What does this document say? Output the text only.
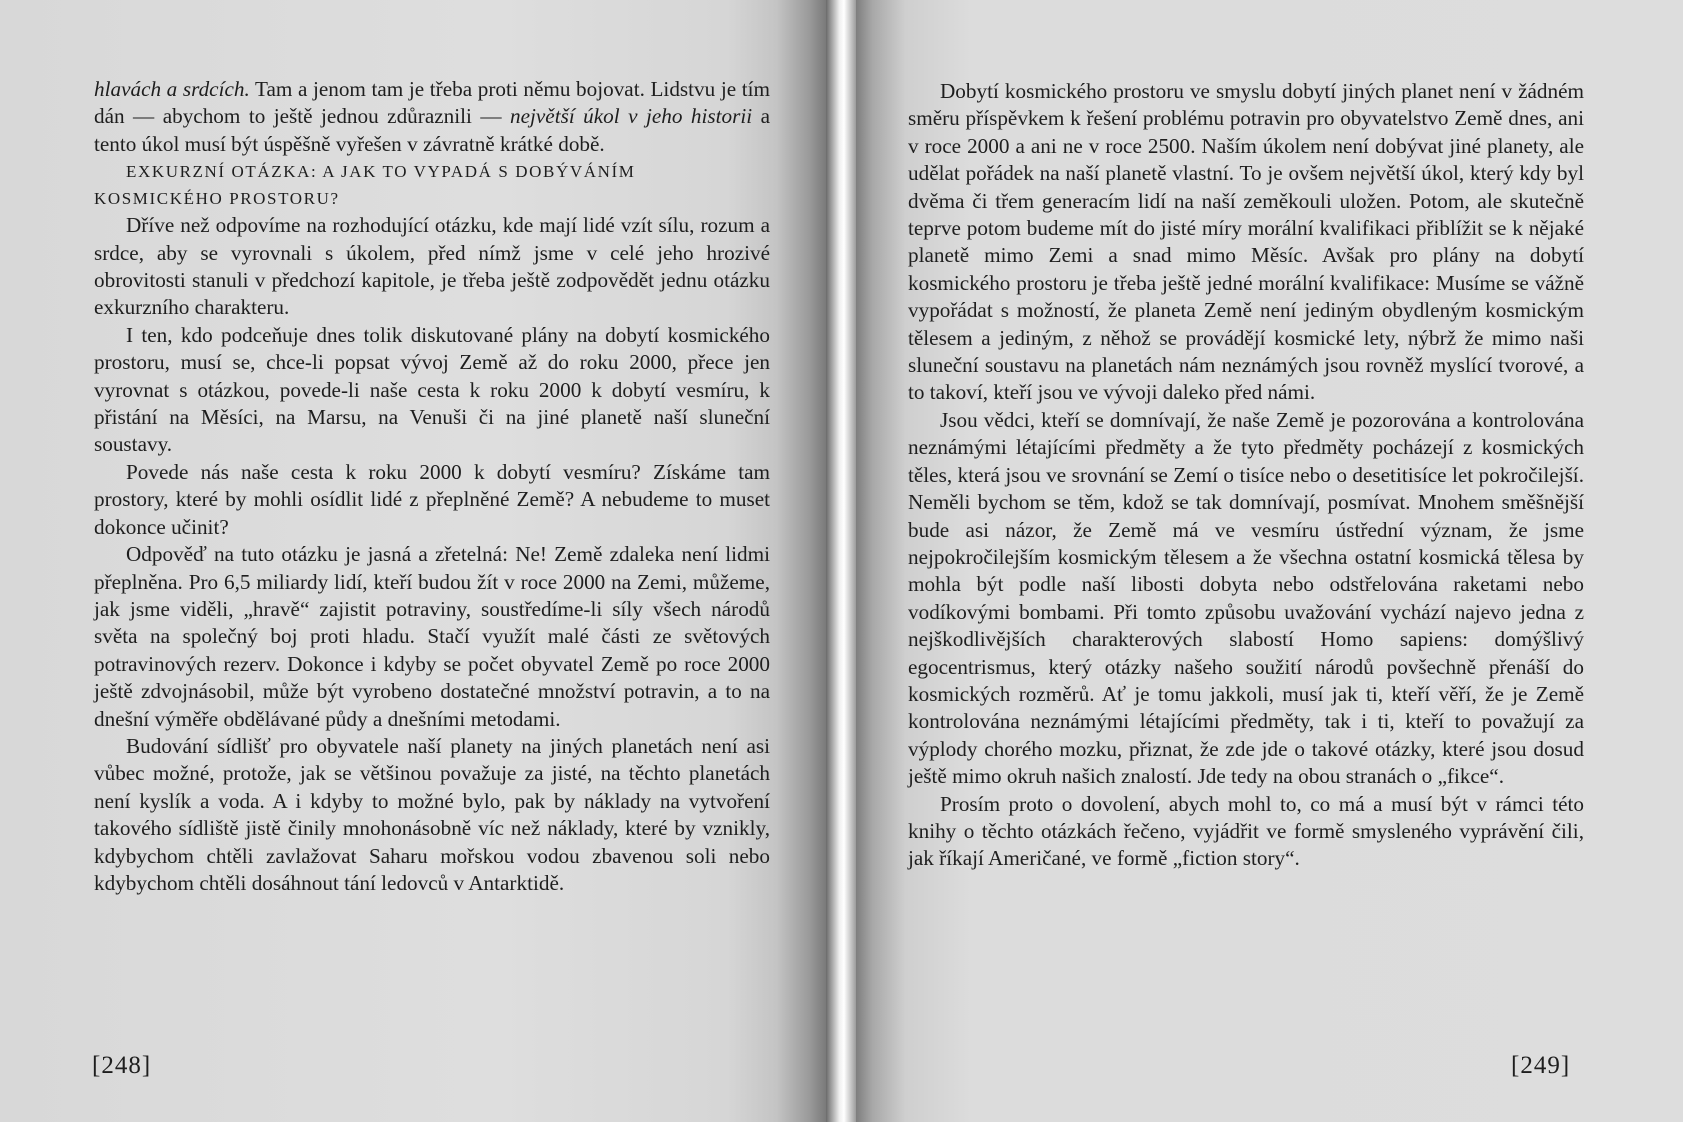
hlavách a srdcích. Tam a jenom tam je třeba proti němu bojovat. Lidstvu je tím dán — abychom to ještě jednou zdůraznili — největší úkol v jeho historii a tento úkol musí být úspěšně vyřešen v závratně krátké době.

EXKURZNÍ OTÁZKA: A JAK TO VYPADÁ S DOBÝVÁNÍM KOSMICKÉHO PROSTORU?

Dříve než odpovíme na rozhodující otázku, kde mají lidé vzít sílu, rozum a srdce, aby se vyrovnali s úkolem, před nímž jsme v celé jeho hrozivé obrovitosti stanuli v předchozí kapitole, je třeba ještě zodpovědět jednu otázku exkurzního charakteru.

I ten, kdo podceňuje dnes tolik diskutované plány na dobytí kosmického prostoru, musí se, chce-li popsat vývoj Země až do roku 2000, přece jen vyrovnat s otázkou, povede-li naše cesta k roku 2000 k dobytí vesmíru, k přistání na Měsíci, na Marsu, na Venuši či na jiné planetě naší sluneční soustavy.

Povede nás naše cesta k roku 2000 k dobytí vesmíru? Získáme tam prostory, které by mohli osídlit lidé z přeplněné Země? A nebudeme to muset dokonce učinit?

Odpověď na tuto otázku je jasná a zřetelná: Ne! Země zdaleka není lidmi přeplněna. Pro 6,5 miliardy lidí, kteří budou žít v roce 2000 na Zemi, můžeme, jak jsme viděli, „hravě“ zajistit potraviny, soustředíme-li síly všech národů světa na společný boj proti hladu. Stačí využít malé části ze světových potravinových rezerv. Dokonce i kdyby se počet obyvatel Země po roce 2000 ještě zdvojnásobil, může být vyrobeno dostatečné množství potravin, a to na dnešní výměře obdělávané půdy a dnešními metodami.

Budování sídlišť pro obyvatele naší planety na jiných planetách není asi vůbec možné, protože, jak se většinou považuje za jisté, na těchto planetách není kyslík a voda. A i kdyby to možné bylo, pak by náklady na vytvoření takového sídliště jistě činily mnohonásobně víc než náklady, které by vznikly, kdybychom chtěli zavlažovat Saharu mořskou vodou zbavenou soli nebo kdybychom chtěli dosáhnout tání ledovců v Antarktidě.

[248]

Dobytí kosmického prostoru ve smyslu dobytí jiných planet není v žádném směru příspěvkem k řešení problému potravin pro obyvatelstvo Země dnes, ani v roce 2000 a ani ne v roce 2500. Naším úkolem není dobývat jiné planety, ale udělat pořádek na naší planetě vlastní. To je ovšem největší úkol, který kdy byl dvěma či třem generacím lidí na naší zeměkouli uložen. Potom, ale skutečně teprve potom budeme mít do jisté míry morální kvalifikaci přiblížit se k nějaké planetě mimo Zemi a snad mimo Měsíc. Avšak pro plány na dobytí kosmického prostoru je třeba ještě jedné morální kvalifikace: Musíme se vážně vypořádat s možností, že planeta Země není jediným obydleným kosmickým tělesem a jediným, z něhož se provádějí kosmické lety, nýbrž že mimo naši sluneční soustavu na planetách nám neznámých jsou rovněž myslící tvorové, a to takoví, kteří jsou ve vývoji daleko před námi.

Jsou vědci, kteří se domnívají, že naše Země je pozorována a kontrolována neznámými létajícími předměty a že tyto předměty pocházejí z kosmických těles, která jsou ve srovnání se Zemí o tisíce nebo o desetitisíce let pokročilejší. Neměli bychom se těm, kdož se tak domnívají, posmívat. Mnohem směšnější bude asi názor, že Země má ve vesmíru ústřední význam, že jsme nejpokročilejším kosmickým tělesem a že všechna ostatní kosmická tělesa by mohla být podle naší libosti dobyta nebo odstřelována raketami nebo vodíkovými bombami. Při tomto způsobu uvažování vychází najevo jedna z nejškodlivějších charakterových slabostí Homo sapiens: domýšlivý egocentrismus, který otázky našeho soužití národů povšechně přenáší do kosmických rozměrů. Ať je tomu jakkoli, musí jak ti, kteří věří, že je Země kontrolována neznámými létajícími předměty, tak i ti, kteří to považují za výplody chorého mozku, přiznat, že zde jde o takové otázky, které jsou dosud ještě mimo okruh našich znalostí. Jde tedy na obou stranách o „fikce“.

Prosím proto o dovolení, abych mohl to, co má a musí být v rámci této knihy o těchto otázkách řečeno, vyjádřit ve formě smysleného vyprávění čili, jak říkají Američané, ve formě „fiction story“.

[249]
